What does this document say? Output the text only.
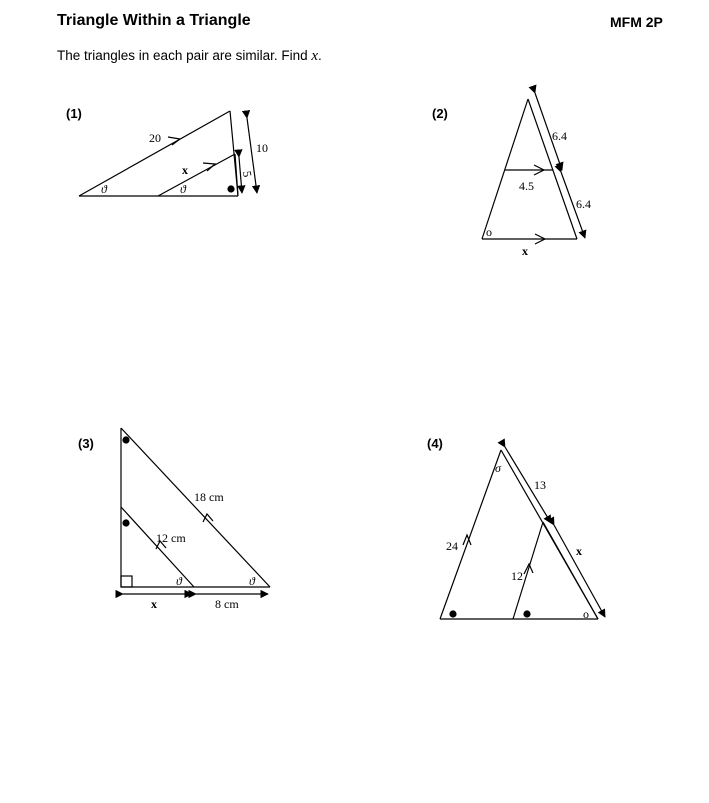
Triangle Within a Triangle	MFM 2P
The triangles in each pair are similar. Find x.
(1)	(2)
(3)	(4)
20
x
10
5
ϑ	ϑ
6.4
6.4
4.5
x
o
18 cm
12 cm
x	8 cm
ϑ	ϑ
13
x
24
12
σ
o
